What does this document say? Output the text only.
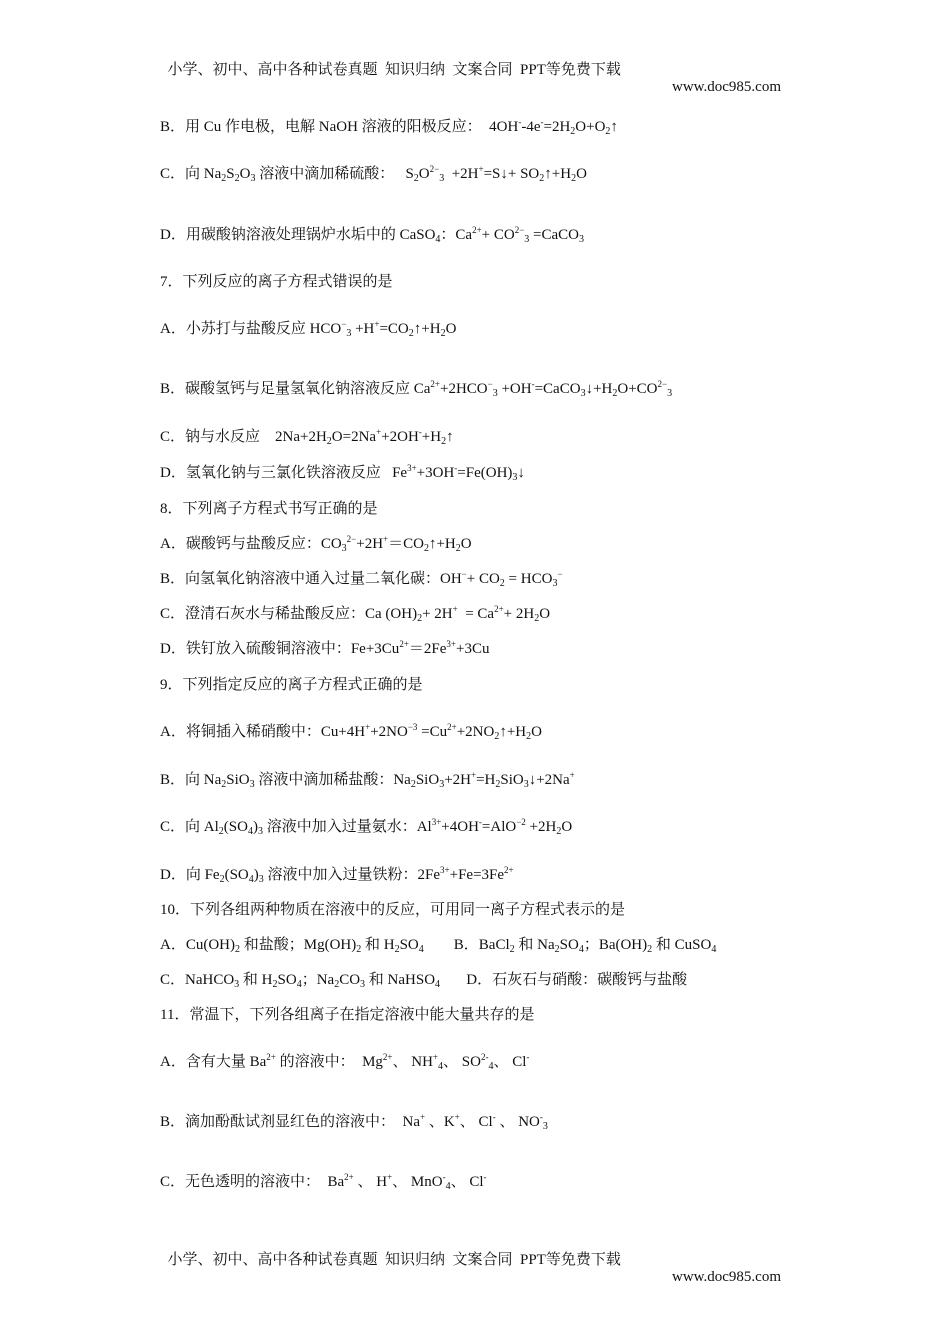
小学、初中、高中各种试卷真题  知识归纳  文案合同  PPT等免费下载

www.doc985.com

B．用 Cu 作电极，电解 NaOH 溶液的阳极反应：  $4OH^--4e^-=2H_2O+O_2↑$
C．向 $Na_2S_2O_3$ 溶液中滴加稀硫酸：   $S_2O^{2-}_3$  +2H+=S↓+ $SO_2↑+H_2O$
D．用碳酸钠溶液处理锅炉水垢中的 CaSO$_4$：$Ca^{2+}+ CO^{2-}_3$ =CaCO$_3$
7．下列反应的离子方程式错误的是
A．小苏打与盐酸反应 $HCO^-_3$ $+H^+=CO_2↑+H_2O$
B．碳酸氢钙与足量氢氧化钠溶液反应 $Ca^{2+}+2HCO^-_3$ $+OH^-=CaCO_3↓+H_2O+CO^{2-}_3$
C．钠与水反应    $2Na+2H_2O=2Na^++2OH^-+H_2↑$
D．氢氧化钠与三氯化铁溶液反应   $Fe^{3+}+3OH^-=Fe(OH)_3↓$
8．下列离子方程式书写正确的是
A．碳酸钙与盐酸反应：$CO_3^{2-}+2H^+=CO_2↑+H_2O$
B．向氢氧化钠溶液中通入过量二氧化碳：$OH^-+ CO_2 = HCO_3^-$
C．澄清石灰水与稀盐酸反应：Ca $(OH)_2+ 2H^+ = Ca^{2+}+ 2H_2O$
D．铁钉放入硫酸铜溶液中：$Fe+3Cu^{2+}=2Fe^{3+}+3Cu$
9．下列指定反应的离子方程式正确的是
A．将铜插入稀硝酸中：$Cu+4H^++2NO^{-3}$ $=Cu^{2+}+2NO_2↑+H_2O$
B．向 $Na_2SiO_3$ 溶液中滴加稀盐酸：$Na_2SiO_3+2H^+=H_2SiO_3↓+2Na^+$
C．向 $Al_2(SO_4)_3$ 溶液中加入过量氨水：$Al^{3+}+4OH^-=AlO^{-2} +2H_2O$
D．向 $Fe_2(SO_4)_3$ 溶液中加入过量铁粉：$2Fe^{3+}+Fe=3Fe^{2+}$
10．下列各组两种物质在溶液中的反应，可用同一离子方程式表示的是
A．$Cu(OH)_2$ 和盐酸；$Mg(OH)_2$ 和 $H_2SO_4$        B．BaCl$_2$ 和 $Na_2SO_4$；$Ba(OH)_2$ 和 CuSO$_4$
C．NaHCO$_3$ 和 $H_2SO_4$；$Na_2CO_3$ 和 NaHSO$_4$       D．石灰石与硝酸：碳酸钙与盐酸
11．常温下，下列各组离子在指定溶液中能大量共存的是
A．含有大量 $Ba^{2+}$ 的溶液中：  $Mg^{2+}$、 $NH^+_4$、 $SO^{2-}_4$、 Cl-
B．滴加酚酞试剂显红色的溶液中：  Na+ 、K+、 Cl- 、 $NO^-_3$
C．无色透明的溶液中：  $Ba^{2+}$ 、 H+、 MnO-$_4$、 Cl-

小学、初中、高中各种试卷真题  知识归纳  文案合同  PPT等免费下载

www.doc985.com
